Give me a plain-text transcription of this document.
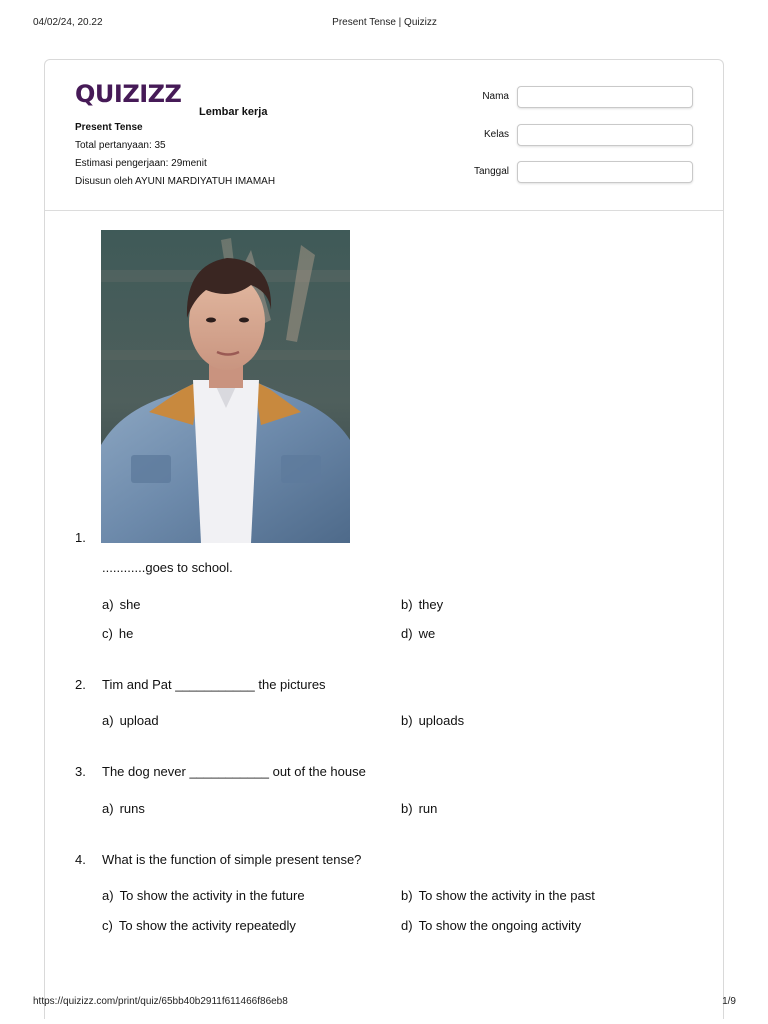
04/02/24, 20.22	Present Tense | Quizizz
QUIZIZZ
Lembar kerja
Present Tense
Total pertanyaan: 35
Estimasi pengerjaan: 29menit
Disusun oleh AYUNI MARDIYATUH IMAMAH
Nama
Kelas
Tanggal
1.
............goes to school.
a) she	b) they
c) he	d) we
2. Tim and Pat ___________ the pictures
a) upload	b) uploads
3. The dog never ___________ out of the house
a) runs	b) run
4. What is the function of simple present tense?
a) To show the activity in the future	b) To show the activity in the past
c) To show the activity repeatedly	d) To show the ongoing activity
https://quizizz.com/print/quiz/65bb40b2911f611466f86eb8	1/9
